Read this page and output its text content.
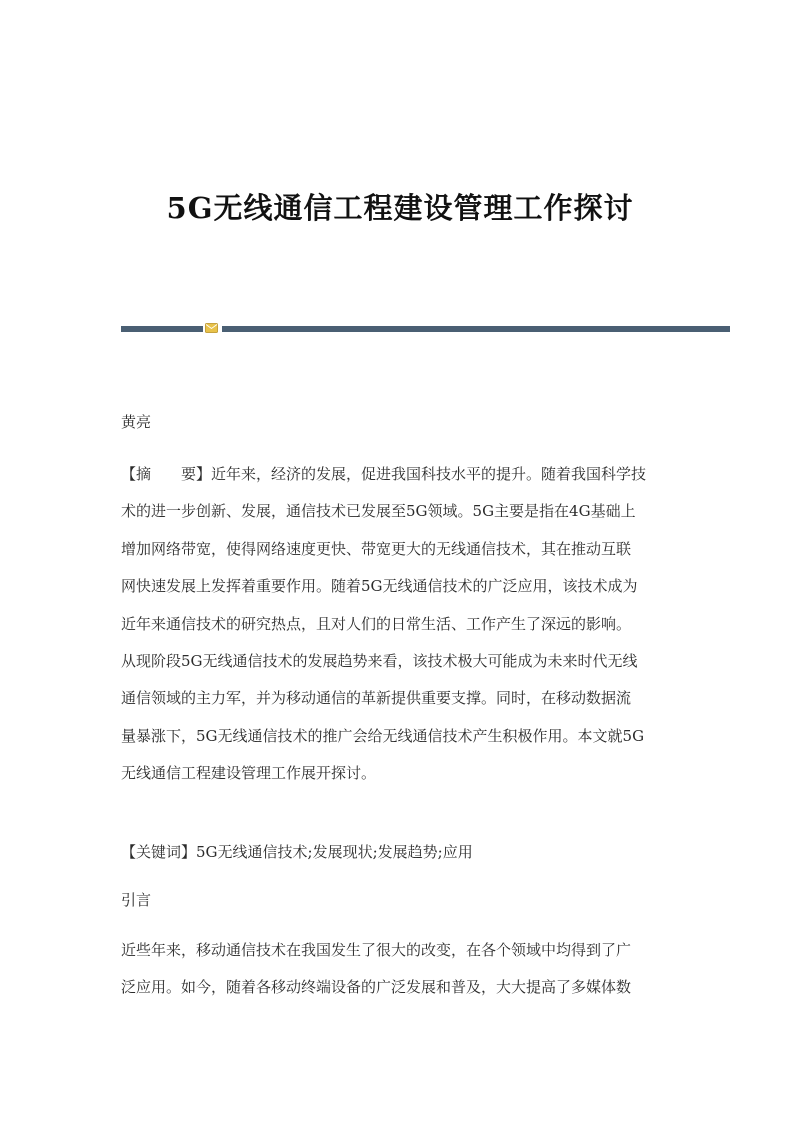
5G无线通信工程建设管理工作探讨

黄亮

【摘　　要】近年来，经济的发展，促进我国科技水平的提升。随着我国科学技
术的进一步创新、发展，通信技术已发展至5G领域。5G主要是指在4G基础上
增加网络带宽，使得网络速度更快、带宽更大的无线通信技术，其在推动互联
网快速发展上发挥着重要作用。随着5G无线通信技术的广泛应用，该技术成为
近年来通信技术的研究热点，且对人们的日常生活、工作产生了深远的影响。
从现阶段5G无线通信技术的发展趋势来看，该技术极大可能成为未来时代无线
通信领域的主力军，并为移动通信的革新提供重要支撑。同时，在移动数据流
量暴涨下，5G无线通信技术的推广会给无线通信技术产生积极作用。本文就5G
无线通信工程建设管理工作展开探讨。

【关键词】5G无线通信技术;发展现状;发展趋势;应用

引言

近些年来，移动通信技术在我国发生了很大的改变，在各个领域中均得到了广
泛应用。如今，随着各移动终端设备的广泛发展和普及，大大提高了多媒体数
